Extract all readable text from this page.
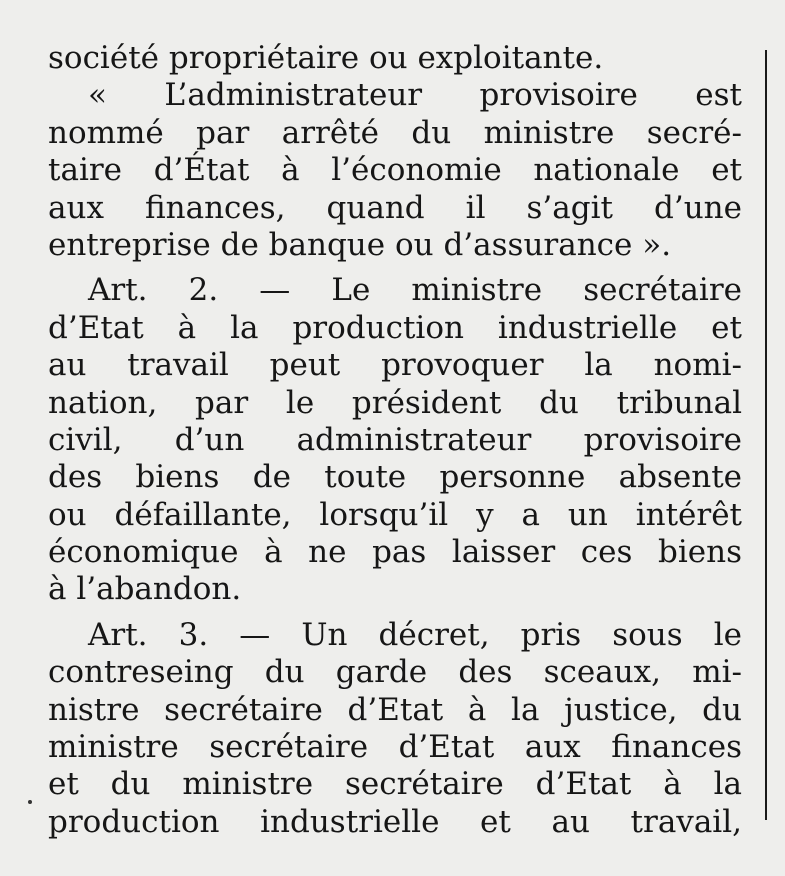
société propriétaire ou exploitante.
« L’administrateur provisoire est
nommé par arrêté du ministre secré-
taire d’État à l’économie nationale et
aux finances, quand il s’agit d’une
entreprise de banque ou d’assurance ».
Art. 2. — Le ministre secrétaire
d’Etat à la production industrielle et
au travail peut provoquer la nomi-
nation, par le président du tribunal
civil, d’un administrateur provisoire
des biens de toute personne absente
ou défaillante, lorsqu’il y a un intérêt
économique à ne pas laisser ces biens
à l’abandon.
Art. 3. — Un décret, pris sous le
contreseing du garde des sceaux, mi-
nistre secrétaire d’Etat à la justice, du
ministre secrétaire d’Etat aux finances
et du ministre secrétaire d’Etat à la
production industrielle et au travail,
